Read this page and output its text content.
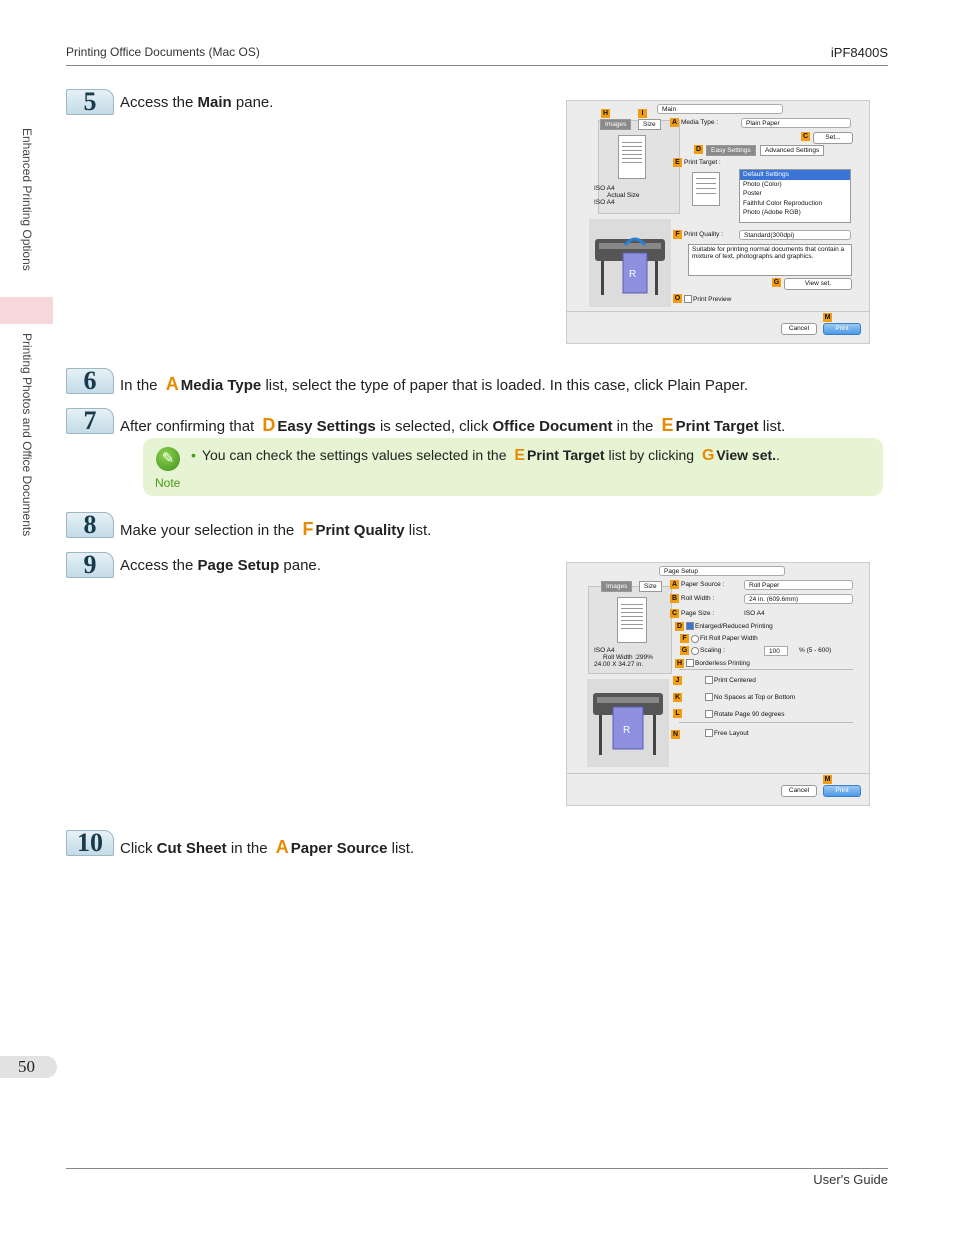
Printing Office Documents (Mac OS)	iPF8400S
Enhanced Printing Options
Printing Photos and Office Documents
5	Access the Main pane.	Main
H	I
Images	Size
ISO A4
Actual Size
ISO A4
R
A Media Type :	Plain Paper
C	Set...
D	Easy Settings	Advanced Settings
E Print Target :
Default Settings
Photo (Color)
Poster
Faithful Color Reproduction
Photo (Adobe RGB)
F Print Quality :	Standard(300dpi)
Suitable for printing normal documents that contain a mixture of text, photographs and graphics.
G	View set.
O Print Preview
M
Cancel	Print
6	In the A Media Type list, select the type of paper that is loaded. In this case, click Plain Paper.
7	After confirming that D Easy Settings is selected, click Office Document in the E Print Target list.
✎
Note
• You can check the settings values selected in the E Print Target list by clicking G View set..
8	Make your selection in the F Print Quality list.
9	Access the Page Setup pane.	Page Setup
Images	Size
ISO A4
Roll Width :299%
24.00 X 34.27 in.
R
A Paper Source :	Roll Paper
B Roll Width :	24 in. (609.6mm)
C Page Size :	ISO A4
D	Enlarged/Reduced Printing
F	Fit Roll Paper Width
G Scaling :	100	% (5 - 600)
H	Borderless Printing
J	Print Centered
K	No Spaces at Top or Bottom
L	Rotate Page 90 degrees
N	Free Layout
M
Cancel	Print
10	Click Cut Sheet in the A Paper Source list.
50
User's Guide
